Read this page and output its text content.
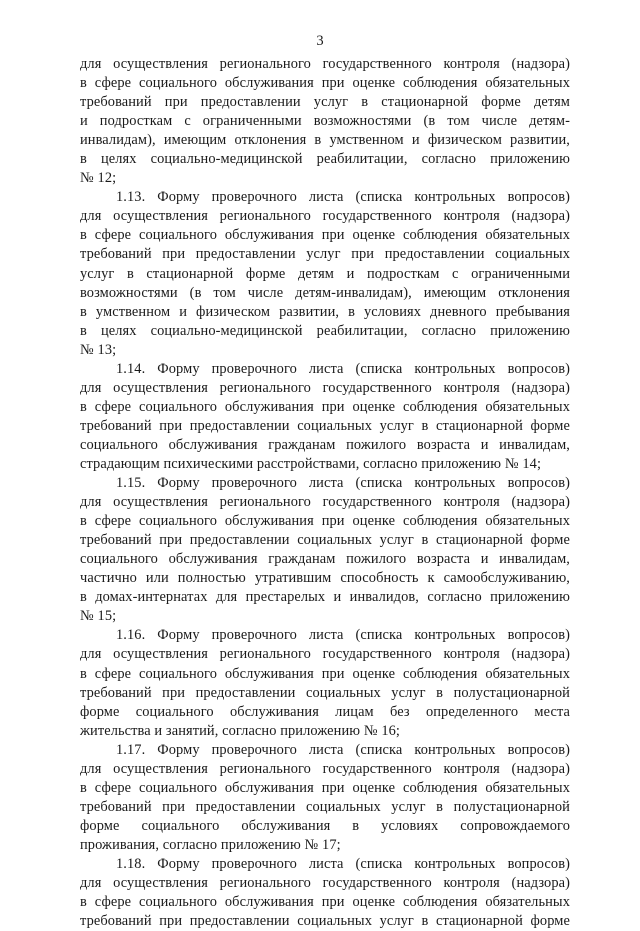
3
для осуществления регионального государственного контроля (надзора)
в сфере социального обслуживания при оценке соблюдения обязательных
требований при предоставлении услуг в стационарной форме детям
и подросткам с ограниченными возможностями (в том числе детям-
инвалидам), имеющим отклонения в умственном и физическом развитии,
в целях социально-медицинской реабилитации, согласно приложению
№ 12;
1.13. Форму проверочного листа (списка контрольных вопросов)
для осуществления регионального государственного контроля (надзора)
в сфере социального обслуживания при оценке соблюдения обязательных
требований при предоставлении услуг при предоставлении социальных
услуг в стационарной форме детям и подросткам с ограниченными
возможностями (в том числе детям-инвалидам), имеющим отклонения
в умственном и физическом развитии, в условиях дневного пребывания
в целях социально-медицинской реабилитации, согласно приложению
№ 13;
1.14. Форму проверочного листа (списка контрольных вопросов)
для осуществления регионального государственного контроля (надзора)
в сфере социального обслуживания при оценке соблюдения обязательных
требований при предоставлении социальных услуг в стационарной форме
социального обслуживания гражданам пожилого возраста и инвалидам,
страдающим психическими расстройствами, согласно приложению № 14;
1.15. Форму проверочного листа (списка контрольных вопросов)
для осуществления регионального государственного контроля (надзора)
в сфере социального обслуживания при оценке соблюдения обязательных
требований при предоставлении социальных услуг в стационарной форме
социального обслуживания гражданам пожилого возраста и инвалидам,
частично или полностью утратившим способность к самообслуживанию,
в домах-интернатах для престарелых и инвалидов, согласно приложению
№ 15;
1.16. Форму проверочного листа (списка контрольных вопросов)
для осуществления регионального государственного контроля (надзора)
в сфере социального обслуживания при оценке соблюдения обязательных
требований при предоставлении социальных услуг в полустационарной
форме социального обслуживания лицам без определенного места
жительства и занятий, согласно приложению № 16;
1.17. Форму проверочного листа (списка контрольных вопросов)
для осуществления регионального государственного контроля (надзора)
в сфере социального обслуживания при оценке соблюдения обязательных
требований при предоставлении социальных услуг в полустационарной
форме социального обслуживания в условиях сопровождаемого
проживания, согласно приложению № 17;
1.18. Форму проверочного листа (списка контрольных вопросов)
для осуществления регионального государственного контроля (надзора)
в сфере социального обслуживания при оценке соблюдения обязательных
требований при предоставлении социальных услуг в стационарной форме
